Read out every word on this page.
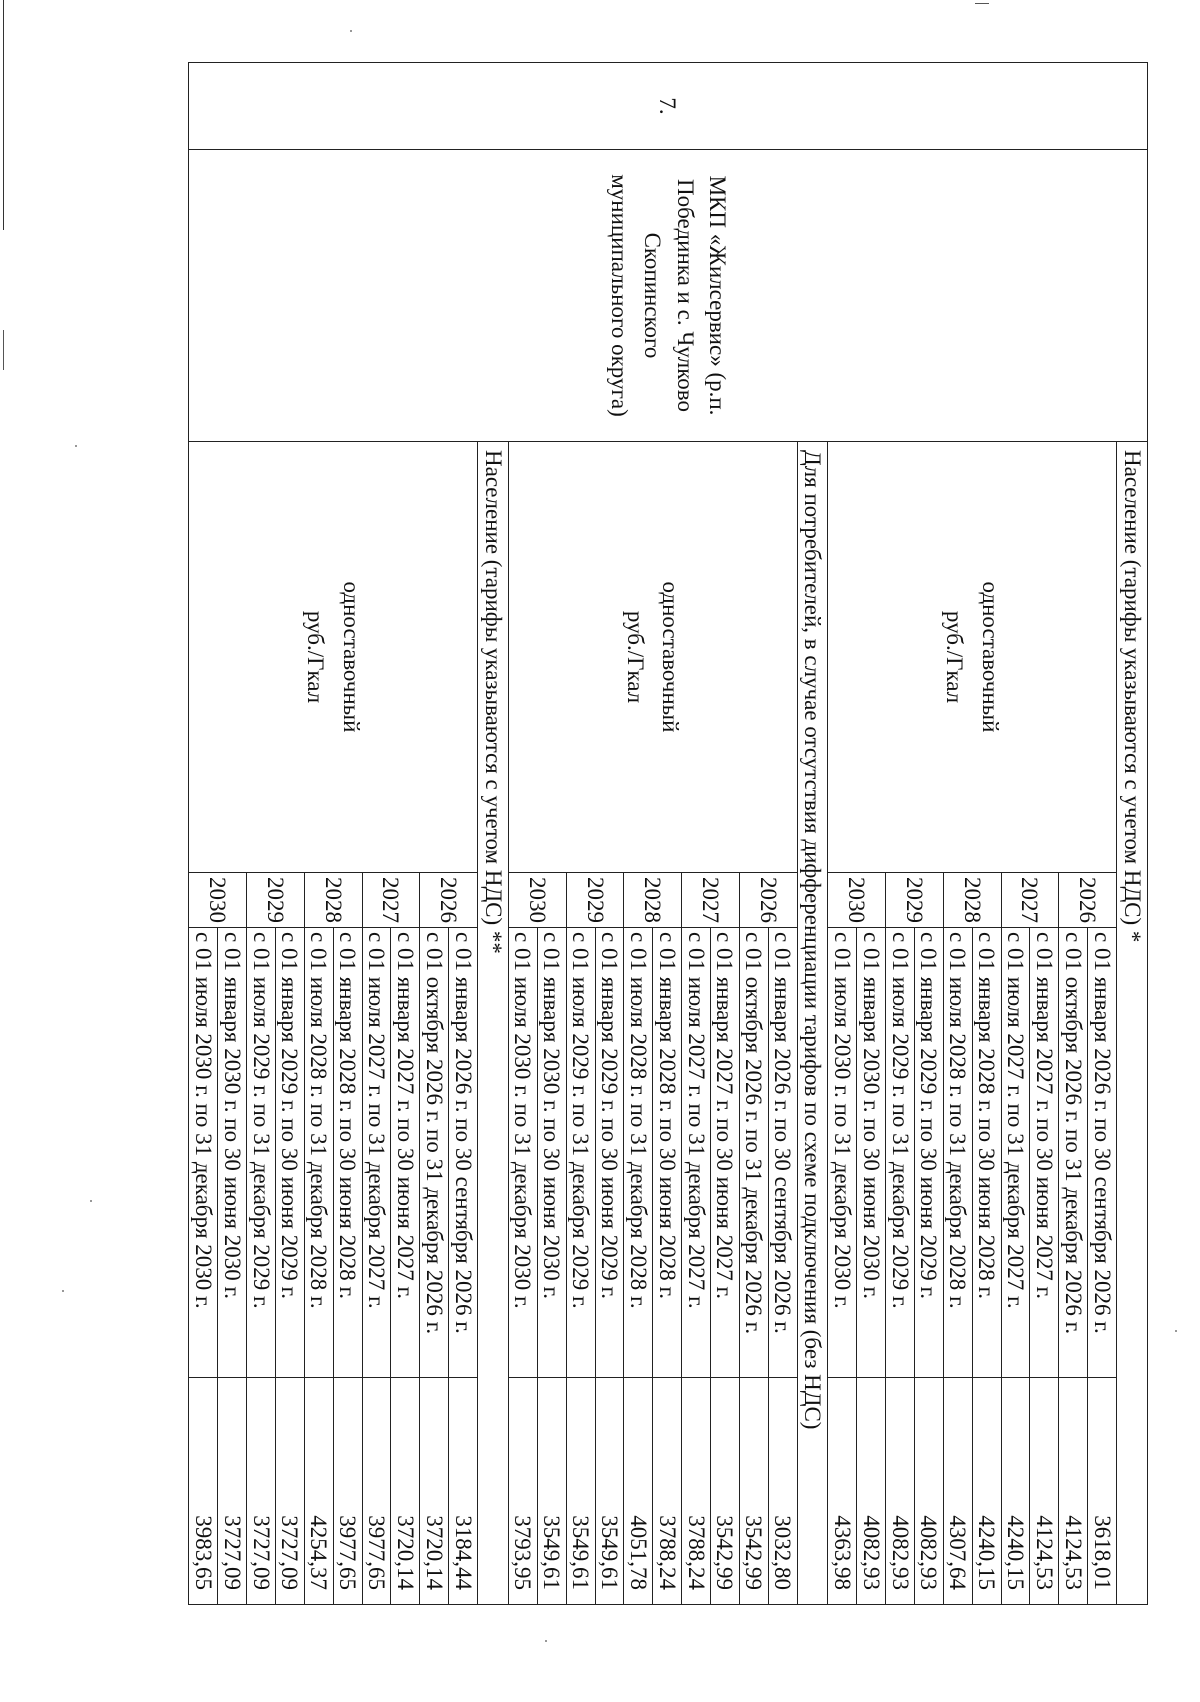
7.	МКП «Жилсервис» (р.п. Побединка и с. Чулково Скопинского муниципального округа)	Население (тарифы указываются с учетом НДС) *			

		одноставочный
руб./Гкал	2026	с 01 января 2026 г. по 30 сентября 2026 г.	3618,01
				с 01 октября 2026 г. по 31 декабря 2026 г.	4124,53
			2027	с 01 января 2027 г. по 30 июня 2027 г.	4124,53
				с 01 июля 2027 г. по 31 декабря 2027 г.	4240,15
			2028	с 01 января 2028 г. по 30 июня 2028 г.	4240,15
				с 01 июля 2028 г. по 31 декабря 2028 г.	4307,64
			2029	с 01 января 2029 г. по 30 июня 2029 г.	4082,93
				с 01 июля 2029 г. по 31 декабря 2029 г.	4082,93
			2030	с 01 января 2030 г. по 30 июня 2030 г.	4082,93
				с 01 июля 2030 г. по 31 декабря 2030 г.	4363,98
		Для потребителей, в случае отсутствия дифференциации тарифов по схеме подключения (без НДС)			

		одноставочный
руб./Гкал	2026	с 01 января 2026 г. по 30 сентября 2026 г.	3032,80
				с 01 октября 2026 г. по 31 декабря 2026 г.	3542,99
			2027	с 01 января 2027 г. по 30 июня 2027 г.	3542,99
				с 01 июля 2027 г. по 31 декабря 2027 г.	3788,24
			2028	с 01 января 2028 г. по 30 июня 2028 г.	3788,24
				с 01 июля 2028 г. по 31 декабря 2028 г.	4051,78
			2029	с 01 января 2029 г. по 30 июня 2029 г.	3549,61
				с 01 июля 2029 г. по 31 декабря 2029 г.	3549,61
			2030	с 01 января 2030 г. по 30 июня 2030 г.	3549,61
				с 01 июля 2030 г. по 31 декабря 2030 г.	3793,95
		Население (тарифы указываются с учетом НДС) **			

		одноставочный
руб./Гкал	2026	с 01 января 2026 г. по 30 сентября 2026 г.	3184,44
				с 01 октября 2026 г. по 31 декабря 2026 г.	3720,14
			2027	с 01 января 2027 г. по 30 июня 2027 г.	3720,14
				с 01 июля 2027 г. по 31 декабря 2027 г.	3977,65
			2028	с 01 января 2028 г. по 30 июня 2028 г.	3977,65
				с 01 июля 2028 г. по 31 декабря 2028 г.	4254,37
			2029	с 01 января 2029 г. по 30 июня 2029 г.	3727,09
				с 01 июля 2029 г. по 31 декабря 2029 г.	3727,09
			2030	с 01 января 2030 г. по 30 июня 2030 г.	3727,09
				с 01 июля 2030 г. по 31 декабря 2030 г.	3983,65
